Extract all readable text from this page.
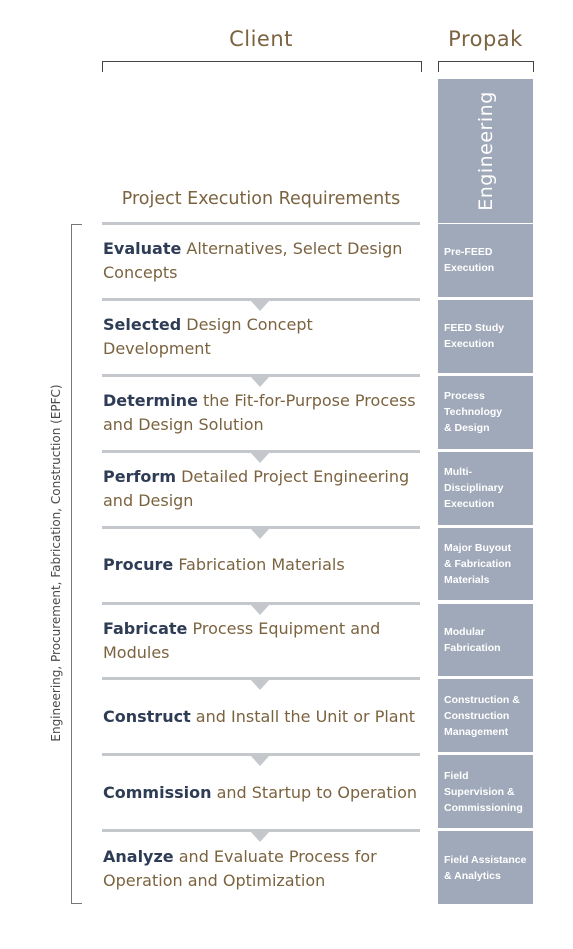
Client	Propak
Engineering
Project Execution Requirements
Engineering, Procurement, Fabrication, Construction (EPFC)
Evaluate Alternatives, Select Design Concepts
Pre-FEED
Execution
Selected Design Concept Development
FEED Study
Execution
Determine the Fit-for-Purpose Process and Design Solution
Process
Technology
& Design
Perform Detailed Project Engineering and Design
Multi-
Disciplinary
Execution
Procure Fabrication Materials
Major Buyout
& Fabrication
Materials
Fabricate Process Equipment and Modules
Modular
Fabrication
Construct and Install the Unit or Plant
Construction &
Construction
Management
Commission and Startup to Operation
Field
Supervision &
Commissioning
Analyze and Evaluate Process for Operation and Optimization
Field Assistance
& Analytics
